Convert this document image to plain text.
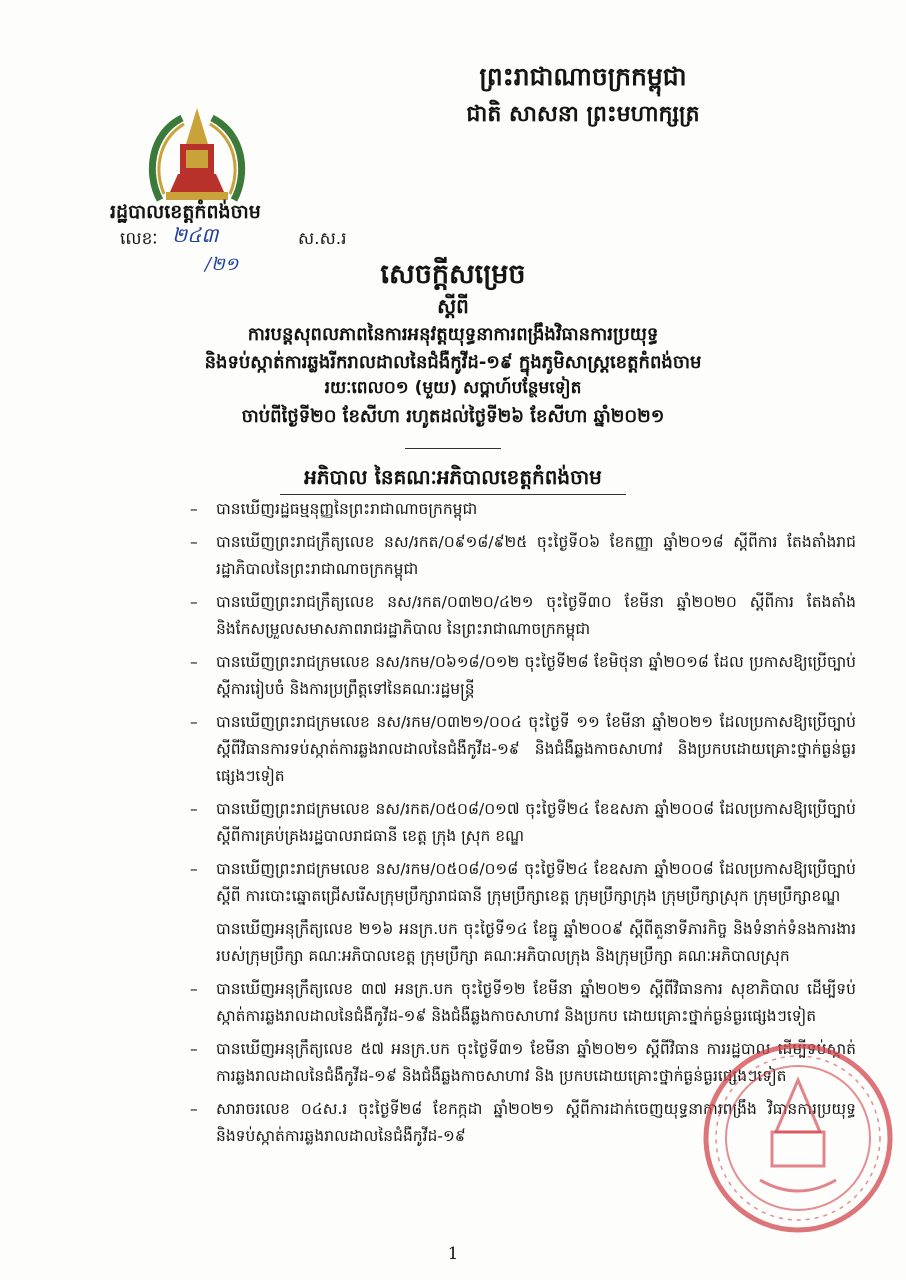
ព្រះរាជាណាចក្រកម្ពុជា
ជាតិ សាសនា ព្រះមហាក្សត្រ
រដ្ឋបាលខេត្តកំពង់ចាម
លេខៈ ២៤៣	ស.ស.រ
/២១	សេចក្តីសម្រេច
ស្តីពី
ការបន្តសុពលភាពនៃការអនុវត្តយុទ្ធនាការពង្រឹងវិធានការប្រយុទ្ធ
និងទប់ស្កាត់ការឆ្លងរីករាលដាលនៃជំងឺកូវីដ-១៩ ក្នុងភូមិសាស្រ្តខេត្តកំពង់ចាម
រយៈពេល០១ (មួយ) សប្តាហ៍បន្ថែមទៀត
ចាប់ពីថ្ងៃទី២០ ខែសីហា រហូតដល់ថ្ងៃទី២៦ ខែសីហា ឆ្នាំ២០២១
អភិបាល នៃគណៈអភិបាលខេត្តកំពង់ចាម
–	បានឃើញរដ្ឋធម្មនុញ្ញនៃព្រះរាជាណាចក្រកម្ពុជា
–	បានឃើញព្រះរាជក្រឹត្យលេខ នស/រកត/០៩១៨/៩២៥ ចុះថ្ងៃទី០៦ ខែកញ្ញា ឆ្នាំ២០១៨ ស្តីពីការ តែងតាំងរាជរដ្ឋាភិបាលនៃព្រះរាជាណាចក្រកម្ពុជា
–	បានឃើញព្រះរាជក្រឹត្យលេខ នស/រកត/០៣២០/៤២១ ចុះថ្ងៃទី៣០ ខែមីនា ឆ្នាំ២០២០ ស្តីពីការ តែងតាំង និងកែសម្រួលសមាសភាពរាជរដ្ឋាភិបាល នៃព្រះរាជាណាចក្រកម្ពុជា
–	បានឃើញព្រះរាជក្រមលេខ នស/រកម/០៦១៨/០១២ ចុះថ្ងៃទី២៨ ខែមិថុនា ឆ្នាំ២០១៨ ដែល ប្រកាសឱ្យប្រើច្បាប់ស្តីការរៀបចំ និងការប្រព្រឹត្តទៅនៃគណៈរដ្ឋមន្ត្រី
–	បានឃើញព្រះរាជក្រមលេខ នស/រកម/០៣២១/០០៤ ចុះថ្ងៃទី ១១ ខែមីនា ឆ្នាំ២០២១ ដែលប្រកាសឱ្យប្រើច្បាប់ស្តីពីវិធានការទប់ស្កាត់ការឆ្លងរាលដាលនៃជំងឺកូវីដ-១៩ និងជំងឺឆ្លងកាចសាហាវ និងប្រកបដោយគ្រោះថ្នាក់ធ្ងន់ធ្ងរផ្សេងៗទៀត
–	បានឃើញព្រះរាជក្រមលេខ នស/រកត/០៥០៨/០១៧ ចុះថ្ងៃទី២៤ ខែឧសភា ឆ្នាំ២០០៨ ដែលប្រកាសឱ្យប្រើច្បាប់ស្តីពីការគ្រប់គ្រងរដ្ឋបាលរាជធានី ខេត្ត ក្រុង ស្រុក ខណ្ឌ
–	បានឃើញព្រះរាជក្រមលេខ នស/រកម/០៥០៨/០១៨ ចុះថ្ងៃទី២៤ ខែឧសភា ឆ្នាំ២០០៨ ដែលប្រកាសឱ្យប្រើច្បាប់ ស្តីពី ការបោះឆ្នោតជ្រើសរើសក្រុមប្រឹក្សារាជធានី ក្រុមប្រឹក្សាខេត្ត ក្រុមប្រឹក្សាក្រុង ក្រុមប្រឹក្សាស្រុក ក្រុមប្រឹក្សាខណ្ឌ
បានឃើញអនុក្រឹត្យលេខ ២១៦ អនក្រ.បក ចុះថ្ងៃទី១៤ ខែធ្នូ ឆ្នាំ២០០៩ ស្តីពីតួនាទីភារកិច្ច និងទំនាក់ទំនងការងាររបស់ក្រុមប្រឹក្សា គណៈអភិបាលខេត្ត ក្រុមប្រឹក្សា គណៈអភិបាលក្រុង និងក្រុមប្រឹក្សា គណៈអភិបាលស្រុក
–	បានឃើញអនុក្រឹត្យលេខ ៣៧ អនក្រ.បក ចុះថ្ងៃទី១២ ខែមីនា ឆ្នាំ២០២១ ស្តីពីវិធានការ សុខាភិបាល ដើម្បីទប់ស្កាត់ការឆ្លងរាលដាលនៃជំងឺកូវីដ-១៩ និងជំងឺឆ្លងកាចសាហាវ និងប្រកប ដោយគ្រោះថ្នាក់ធ្ងន់ធ្ងរផ្សេងៗទៀត
–	បានឃើញអនុក្រឹត្យលេខ ៥៧ អនក្រ.បក ចុះថ្ងៃទី៣១ ខែមីនា ឆ្នាំ២០២១ ស្តីពីវិធាន ការរដ្ឋបាល ដើម្បីទប់ស្កាត់ការឆ្លងរាលដាលនៃជំងឺកូវីដ-១៩ និងជំងឺឆ្លងកាចសាហាវ និង ប្រកបដោយគ្រោះថ្នាក់ធ្ងន់ធ្ងរផ្សេងៗទៀត
–	សារាចរលេខ ០៤ស.រ ចុះថ្ងៃទី២៨ ខែកក្កដា ឆ្នាំ២០២១ ស្តីពីការដាក់ចេញយុទ្ធនាការពង្រឹង វិធានការប្រយុទ្ធ និងទប់ស្កាត់ការឆ្លងរាលដាលនៃជំងឺកូវីដ-១៩
1
